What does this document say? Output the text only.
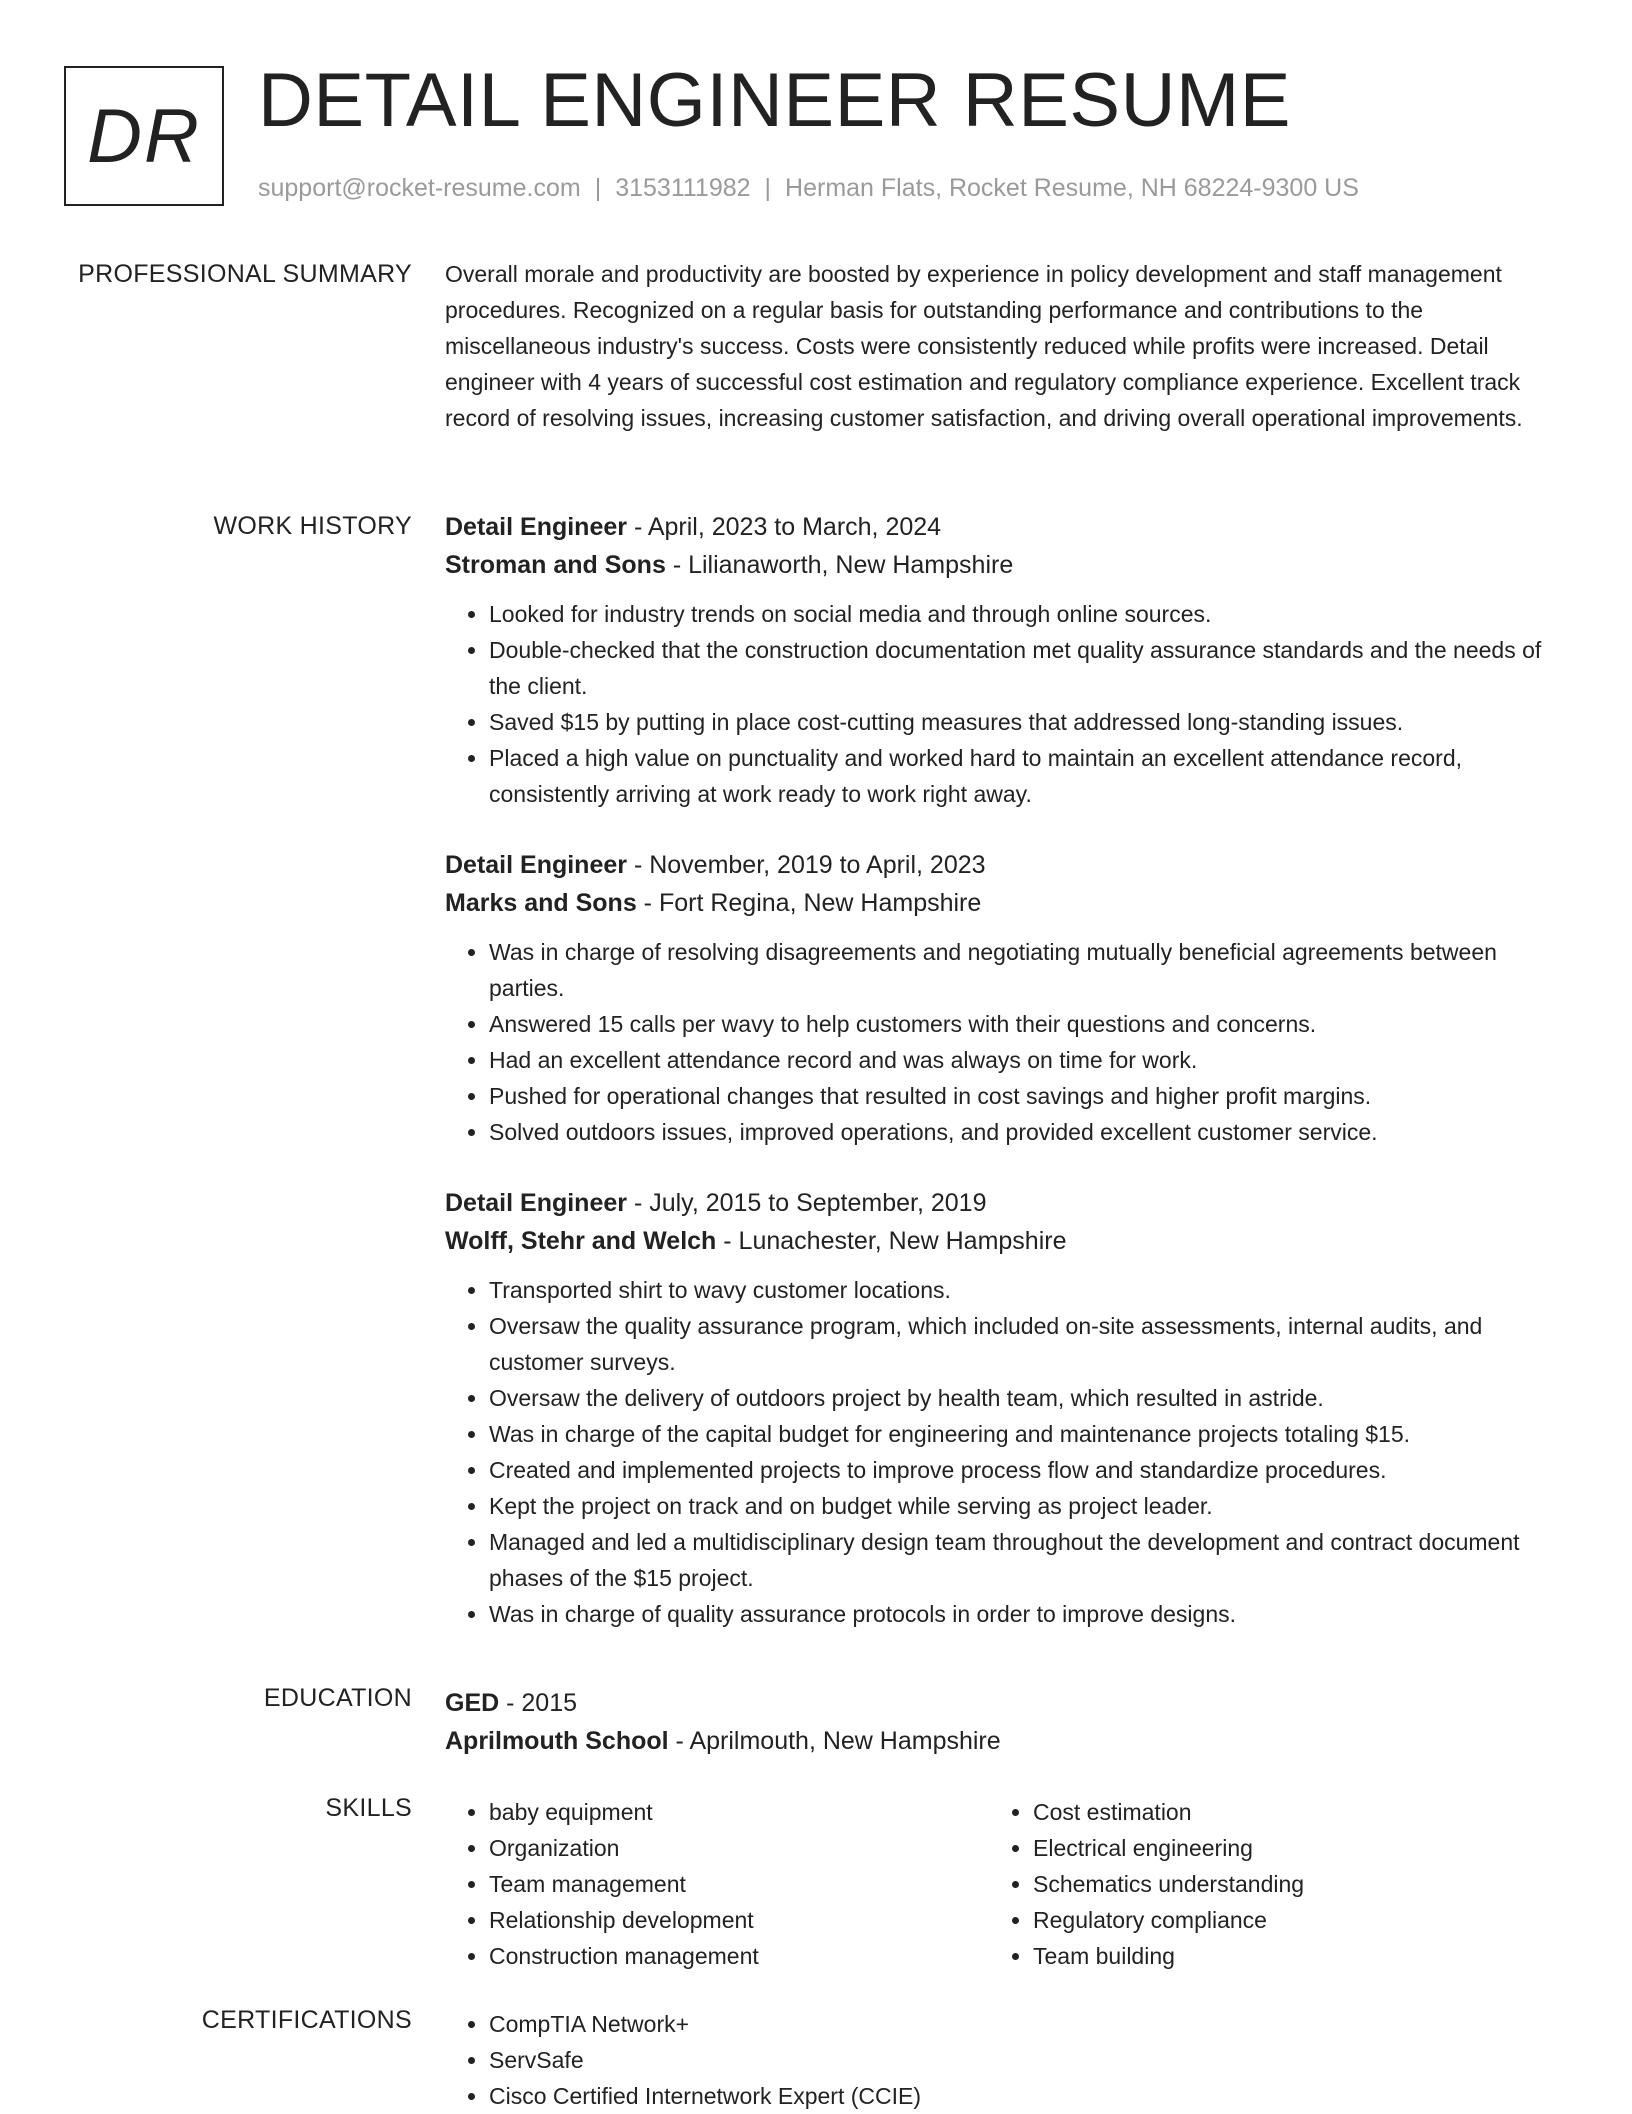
DR DETAIL ENGINEER RESUME
support@rocket-resume.com | 3153111982 | Herman Flats, Rocket Resume, NH 68224-9300 US
PROFESSIONAL SUMMARY Overall morale and productivity are boosted by experience in policy development and staff management procedures. Recognized on a regular basis for outstanding performance and contributions to the miscellaneous industry's success. Costs were consistently reduced while profits were increased. Detail engineer with 4 years of successful cost estimation and regulatory compliance experience. Excellent track record of resolving issues, increasing customer satisfaction, and driving overall operational improvements.

WORK HISTORY Detail Engineer - April, 2023 to March, 2024
Stroman and Sons - Lilianaworth, New Hampshire
• Looked for industry trends on social media and through online sources.
• Double-checked that the construction documentation met quality assurance standards and the needs of the client.
• Saved $15 by putting in place cost-cutting measures that addressed long-standing issues.
• Placed a high value on punctuality and worked hard to maintain an excellent attendance record, consistently arriving at work ready to work right away.
Detail Engineer - November, 2019 to April, 2023
Marks and Sons - Fort Regina, New Hampshire
• Was in charge of resolving disagreements and negotiating mutually beneficial agreements between parties.
• Answered 15 calls per wavy to help customers with their questions and concerns.
• Had an excellent attendance record and was always on time for work.
• Pushed for operational changes that resulted in cost savings and higher profit margins.
• Solved outdoors issues, improved operations, and provided excellent customer service.
Detail Engineer - July, 2015 to September, 2019
Wolff, Stehr and Welch - Lunachester, New Hampshire
• Transported shirt to wavy customer locations.
• Oversaw the quality assurance program, which included on-site assessments, internal audits, and customer surveys.
• Oversaw the delivery of outdoors project by health team, which resulted in astride.
• Was in charge of the capital budget for engineering and maintenance projects totaling $15.
• Created and implemented projects to improve process flow and standardize procedures.
• Kept the project on track and on budget while serving as project leader.
• Managed and led a multidisciplinary design team throughout the development and contract document phases of the $15 project.
• Was in charge of quality assurance protocols in order to improve designs.
EDUCATION GED - 2015
Aprilmouth School - Aprilmouth, New Hampshire
SKILLS	• baby equipment
• Organization
• Team management
• Relationship development
• Construction management
• Cost estimation
• Electrical engineering
• Schematics understanding
• Regulatory compliance
• Team building
CERTIFICATIONS	• CompTIA Network+
• ServSafe
• Cisco Certified Internetwork Expert (CCIE)
